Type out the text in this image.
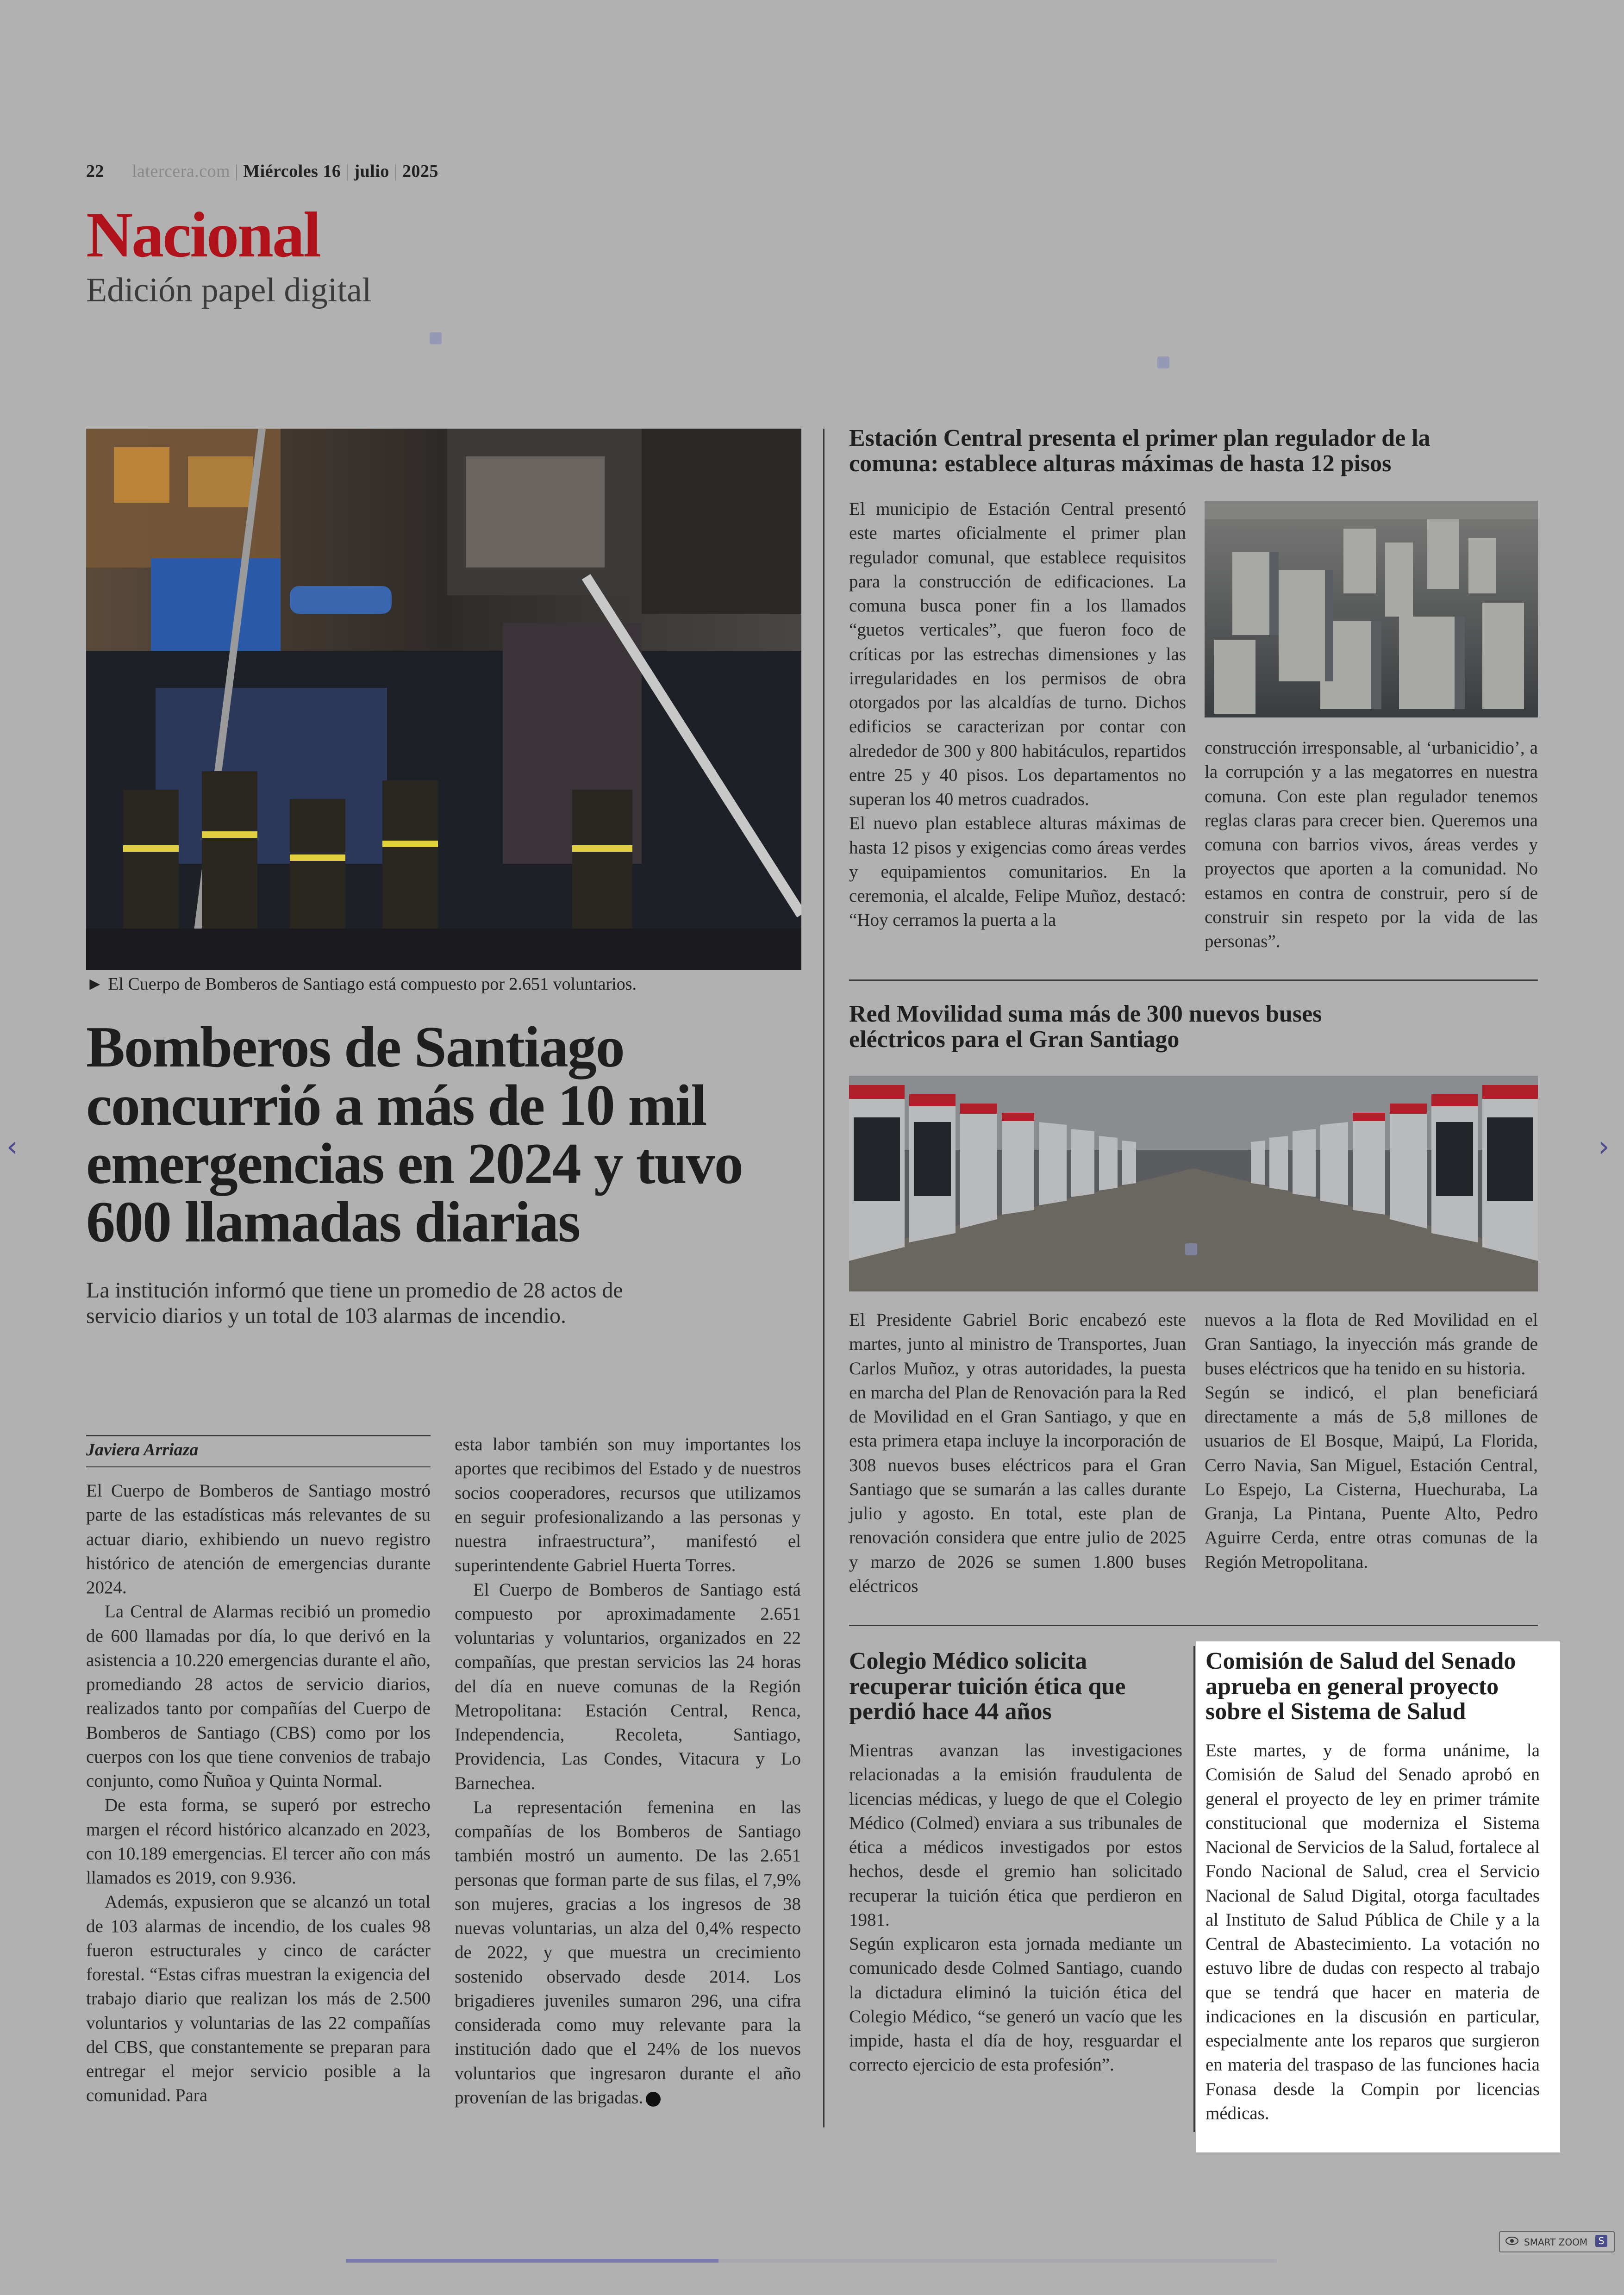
22 latercera.com | Miércoles 16 | julio | 2025
Nacional
Edición papel digital
► El Cuerpo de Bomberos de Santiago está compuesto por 2.651 voluntarios.
Bomberos de Santiago concurrió a más de 10 mil emergencias en 2024 y tuvo 600 llamadas diarias
La institución informó que tiene un promedio de 28 actos de servicio diarios y un total de 103 alarmas de incendio.
Javiera Arriaza

El Cuerpo de Bomberos de Santiago mostró parte de las estadísticas más relevantes de su actuar diario, exhibiendo un nuevo registro histórico de atención de emergencias durante 2024.

La Central de Alarmas recibió un promedio de 600 llamadas por día, lo que derivó en la asistencia a 10.220 emergencias durante el año, promediando 28 actos de servicio diarios, realizados tanto por compañías del Cuerpo de Bomberos de Santiago (CBS) como por los cuerpos con los que tiene convenios de trabajo conjunto, como Ñuñoa y Quinta Normal.

De esta forma, se superó por estrecho margen el récord histórico alcanzado en 2023, con 10.189 emergencias. El tercer año con más llamados es 2019, con 9.936.

Además, expusieron que se alcanzó un total de 103 alarmas de incendio, de los cuales 98 fueron estructurales y cinco de carácter forestal. “Estas cifras muestran la exigencia del trabajo diario que realizan los más de 2.500 voluntarios y voluntarias de las 22 compañías del CBS, que constantemente se preparan para entregar el mejor servicio posible a la comunidad. Para

esta labor también son muy importantes los aportes que recibimos del Estado y de nuestros socios cooperadores, recursos que utilizamos en seguir profesionalizando a las personas y nuestra infraestructura”, manifestó el superintendente Gabriel Huerta Torres.

El Cuerpo de Bomberos de Santiago está compuesto por aproximadamente 2.651 voluntarias y voluntarios, organizados en 22 compañías, que prestan servicios las 24 horas del día en nueve comunas de la Región Metropolitana: Estación Central, Renca, Independencia, Recoleta, Santiago, Providencia, Las Condes, Vitacura y Lo Barnechea.

La representación femenina en las compañías de los Bomberos de Santiago también mostró un aumento. De las 2.651 personas que forman parte de sus filas, el 7,9% son mujeres, gracias a los ingresos de 38 nuevas voluntarias, un alza del 0,4% respecto de 2022, y que muestra un crecimiento sostenido observado desde 2014. Los brigadieres juveniles sumaron 296, una cifra considerada como muy relevante para la institución dado que el 24% de los nuevos voluntarios que ingresaron durante el año provenían de las brigadas.

Estación Central presenta el primer plan regulador de la comuna: establece alturas máximas de hasta 12 pisos

El municipio de Estación Central presentó este martes oficialmente el primer plan regulador comunal, que establece requisitos para la construcción de edificaciones. La comuna busca poner fin a los llamados “guetos verticales”, que fueron foco de críticas por las estrechas dimensiones y las irregularidades en los permisos de obra otorgados por las alcaldías de turno. Dichos edificios se caracterizan por contar con alrededor de 300 y 800 habitáculos, repartidos entre 25 y 40 pisos. Los departamentos no superan los 40 metros cuadrados.

El nuevo plan establece alturas máximas de hasta 12 pisos y exigencias como áreas verdes y equipamientos comunitarios. En la ceremonia, el alcalde, Felipe Muñoz, destacó: “Hoy cerramos la puerta a la

construcción irresponsable, al ‘urbanicidio’, a la corrupción y a las megatorres en nuestra comuna. Con este plan regulador tenemos reglas claras para crecer bien. Queremos una comuna con barrios vivos, áreas verdes y proyectos que aporten a la comunidad. No estamos en contra de construir, pero sí de construir sin respeto por la vida de las personas”.

Red Movilidad suma más de 300 nuevos buses eléctricos para el Gran Santiago

El Presidente Gabriel Boric encabezó este martes, junto al ministro de Transportes, Juan Carlos Muñoz, y otras autoridades, la puesta en marcha del Plan de Renovación para la Red de Movilidad en el Gran Santiago, y que en esta primera etapa incluye la incorporación de 308 nuevos buses eléctricos para el Gran Santiago que se sumarán a las calles durante julio y agosto. En total, este plan de renovación considera que entre julio de 2025 y marzo de 2026 se sumen 1.800 buses eléctricos

nuevos a la flota de Red Movilidad en el Gran Santiago, la inyección más grande de buses eléctricos que ha tenido en su historia.

Según se indicó, el plan beneficiará directamente a más de 5,8 millones de usuarios de El Bosque, Maipú, La Florida, Cerro Navia, San Miguel, Estación Central, Lo Espejo, La Cisterna, Huechuraba, La Granja, La Pintana, Puente Alto, Pedro Aguirre Cerda, entre otras comunas de la Región Metropolitana.

Colegio Médico solicita recuperar tuición ética que perdió hace 44 años

Mientras avanzan las investigaciones relacionadas a la emisión fraudulenta de licencias médicas, y luego de que el Colegio Médico (Colmed) enviara a sus tribunales de ética a médicos investigados por estos hechos, desde el gremio han solicitado recuperar la tuición ética que perdieron en 1981.

Según explicaron esta jornada mediante un comunicado desde Colmed Santiago, cuando la dictadura eliminó la tuición ética del Colegio Médico, “se generó un vacío que les impide, hasta el día de hoy, resguardar el correcto ejercicio de esta profesión”.

Comisión de Salud del Senado aprueba en general proyecto sobre el Sistema de Salud

Este martes, y de forma unánime, la Comisión de Salud del Senado aprobó en general el proyecto de ley en primer trámite constitucional que moderniza el Sistema Nacional de Servicios de la Salud, fortalece al Fondo Nacional de Salud, crea el Servicio Nacional de Salud Digital, otorga facultades al Instituto de Salud Pública de Chile y a la Central de Abastecimiento. La votación no estuvo libre de dudas con respecto al trabajo que se tendrá que hacer en materia de indicaciones en la discusión en particular, especialmente ante los reparos que surgieron en materia del traspaso de las funciones hacia Fonasa desde la Compin por licencias médicas.

‹	›
SMART ZOOM	S
